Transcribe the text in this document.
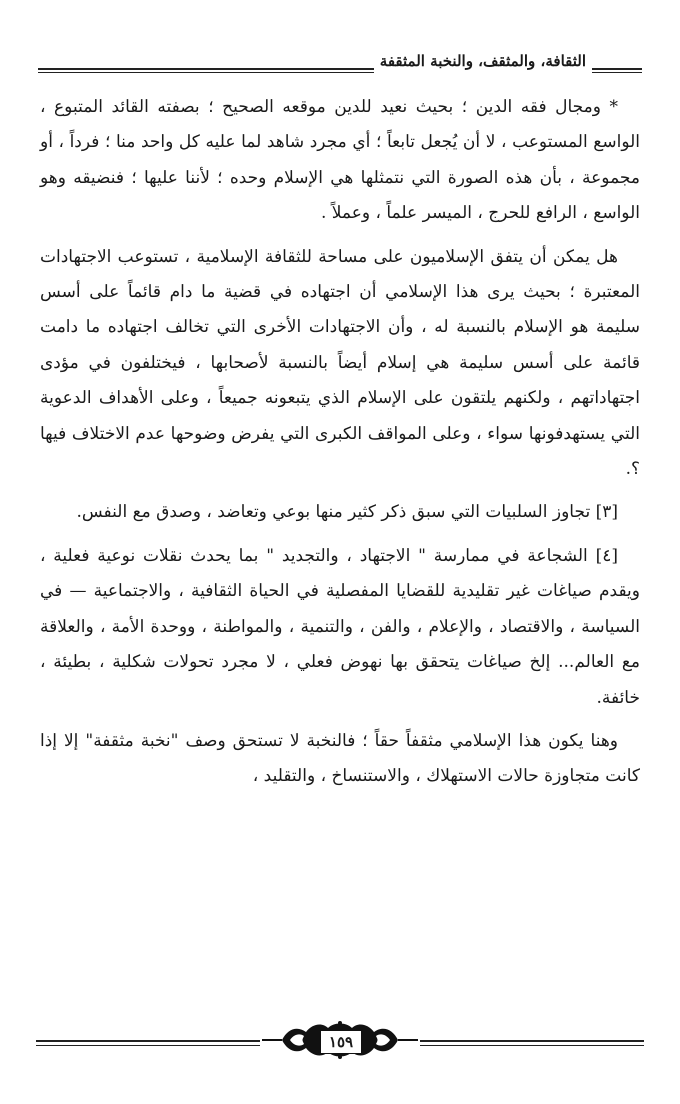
الثقافة، والمثقف، والنخبة المثقفة

* ومجال فقه الدين ؛ بحيث نعيد للدين موقعه الصحيح ؛ بصفته القائد المتبوع ، الواسع المستوعب ، لا أن يُجعل تابعاً ؛ أي مجرد شاهد لما عليه كل واحد منا ؛ فرداً ، أو مجموعة ، بأن هذه الصورة التي نتمثلها هي الإسلام وحده ؛ لأننا عليها ؛ فنضيقه وهو الواسع ، الرافع للحرج ، الميسر علماً ، وعملاً .

هل يمكن أن يتفق الإسلاميون على مساحة للثقافة الإسلامية ، تستوعب الاجتهادات المعتبرة ؛ بحيث يرى هذا الإسلامي أن اجتهاده في قضية ما دام قائماً على أسس سليمة هو الإسلام بالنسبة له ، وأن الاجتهادات الأخرى التي تخالف اجتهاده ما دامت قائمة على أسس سليمة هي إسلام أيضاً بالنسبة لأصحابها ، فيختلفون في مؤدى اجتهاداتهم ، ولكنهم يلتقون على الإسلام الذي يتبعونه جميعاً ، وعلى الأهداف الدعوية التي يستهدفونها سواء ، وعلى المواقف الكبرى التي يفرض وضوحها عدم الاختلاف فيها ؟.

[٣] تجاوز السلبيات التي سبق ذكر كثير منها بوعي وتعاضد ، وصدق مع النفس.

[٤] الشجاعة في ممارسة " الاجتهاد ، والتجديد " بما يحدث نقلات نوعية فعلية ، ويقدم صياغات غير تقليدية للقضايا المفصلية في الحياة الثقافية ، والاجتماعية — في السياسة ، والاقتصاد ، والإعلام ، والفن ، والتنمية ، والمواطنة ، ووحدة الأمة ، والعلاقة مع العالم... إلخ صياغات يتحقق بها نهوض فعلي ، لا مجرد تحولات شكلية ، بطيئة ، خائفة.

وهنا يكون هذا الإسلامي مثقفاً حقاً ؛ فالنخبة لا تستحق وصف "نخبة مثقفة" إلا إذا كانت متجاوزة حالات الاستهلاك ، والاستنساخ ، والتقليد ،

١٥٩
